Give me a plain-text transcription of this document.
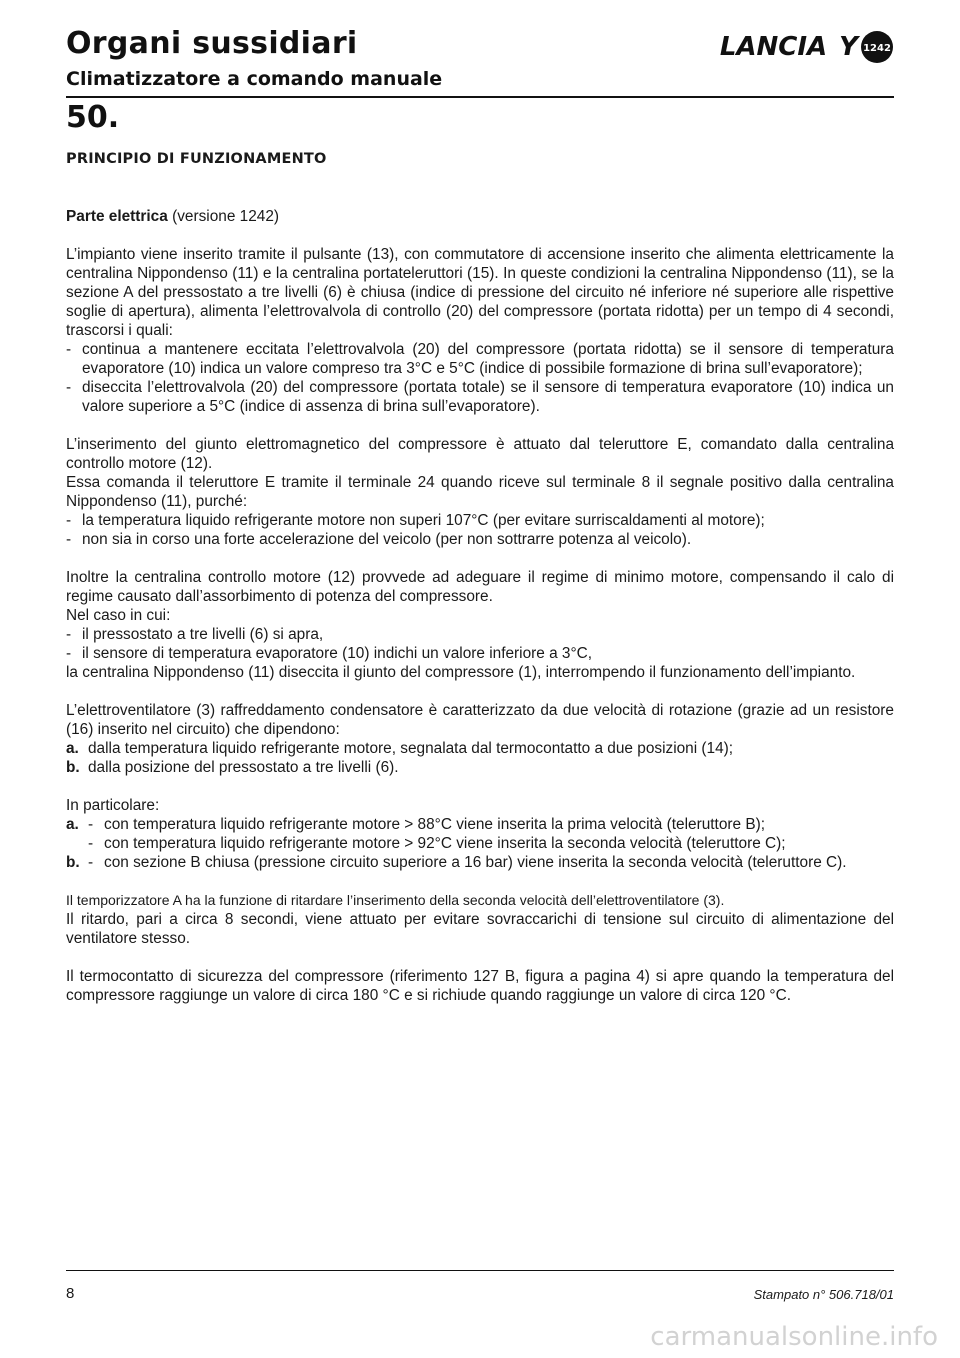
Organi sussidiari
Climatizzatore a comando manuale
LANCIA Y 1242
50.

PRINCIPIO DI FUNZIONAMENTO

Parte elettrica (versione 1242)

L’impianto viene inserito tramite il pulsante (13), con commutatore di accensione inserito che alimenta elettricamente la centralina Nippondenso (11) e la centralina portateleruttori (15). In queste condizioni la centralina Nippondenso (11), se la sezione A del pressostato a tre livelli (6) è chiusa (indice di pressione del circuito né inferiore né superiore alle rispettive soglie di apertura), alimenta l’elettrovalvola di controllo (20) del compressore (portata ridotta) per un tempo di 4 secondi, trascorsi i quali:

- continua a mantenere eccitata l’elettrovalvola (20) del compressore (portata ridotta) se il sensore di temperatura evaporatore (10) indica un valore compreso tra 3°C e 5°C (indice di possibile formazione di brina sull’evaporatore);
- diseccita l’elettrovalvola (20) del compressore (portata totale) se il sensore di temperatura evaporatore (10) indica un valore superiore a 5°C (indice di assenza di brina sull’evaporatore).

L’inserimento del giunto elettromagnetico del compressore è attuato dal teleruttore E, comandato dalla centralina controllo motore (12).

Essa comanda il teleruttore E tramite il terminale 24 quando riceve sul terminale 8 il segnale positivo dalla centralina Nippondenso (11), purché:

- la temperatura liquido refrigerante motore non superi 107°C (per evitare surriscaldamenti al motore);
- non sia in corso una forte accelerazione del veicolo (per non sottrarre potenza al veicolo).

Inoltre la centralina controllo motore (12) provvede ad adeguare il regime di minimo motore, compensando il calo di regime causato dall’assorbimento di potenza del compressore.

Nel caso in cui:

- il pressostato a tre livelli (6) si apra,
- il sensore di temperatura evaporatore (10) indichi un valore inferiore a 3°C,

la centralina Nippondenso (11) diseccita il giunto del compressore (1), interrompendo il funzionamento dell’impianto.

L’elettroventilatore (3) raffreddamento condensatore è caratterizzato da due velocità di rotazione (grazie ad un resistore (16) inserito nel circuito) che dipendono:

a. dalla temperatura liquido refrigerante motore, segnalata dal termocontatto a due posizioni (14);
b. dalla posizione del pressostato a tre livelli (6).

In particolare:

a. - con temperatura liquido refrigerante motore > 88°C viene inserita la prima velocità (teleruttore B);
- con temperatura liquido refrigerante motore > 92°C viene inserita la seconda velocità (teleruttore C);
b. - con sezione B chiusa (pressione circuito superiore a 16 bar) viene inserita la seconda velocità (teleruttore C).

Il temporizzatore A ha la funzione di ritardare l’inserimento della seconda velocità dell’elettroventilatore (3).

Il ritardo, pari a circa 8 secondi, viene attuato per evitare sovraccarichi di tensione sul circuito di alimentazione del ventilatore stesso.

Il termocontatto di sicurezza del compressore (riferimento 127 B, figura a pagina 4) si apre quando la temperatura del compressore raggiunge un valore di circa 180 °C e si richiude quando raggiunge un valore di circa 120 °C.

8	Stampato n° 506.718/01
carmanualsonline.info
